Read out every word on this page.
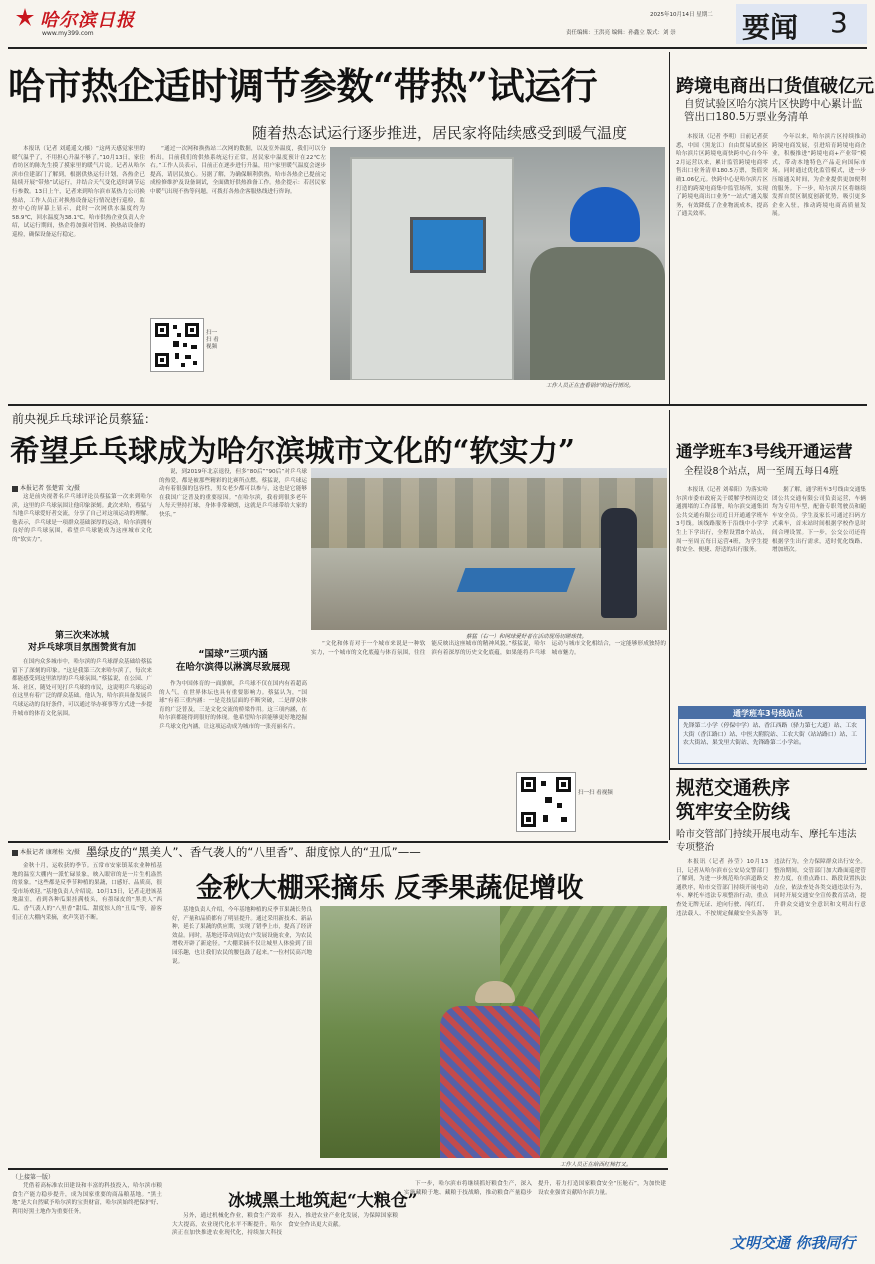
哈尔滨日报
www.my399.com
2025年10月14日 星期二
责任编辑：王洪亮 编辑：孙鑫立 版式：刘 崇 要闻 3
哈市热企适时调节参数“带热”试运行
随着热态试运行逐步推进，居民家将陆续感受到暖气温度

本报讯（记者 刘遥遥文/摄）“这两天感觉家里的暖气温乎了，不用担心升温不够了。”10月13日，家住香坊区的陈先生摸了摸家里的暖气片说。记者从哈尔滨市住建部门了解到，根据供热运行计划，各热企已陆续开展“带热”试运行，并结合天气变化适时调节运行参数。13日上午，记者来到哈尔滨市某热力公司换热站，工作人员正对换热设备运行情况进行巡检，监控中心的屏幕上显示，此时一次网供水温度约为58.9℃，回水温度为38.1℃。哈市供热企业负责人介绍，试运行期间，热企将加强对管网、换热站设备的巡检，确保设备运行稳定。

“通过一次网和换热站二次网的数据，以及室外温度，我们可以分析出，目前我们的供热系统运行正常，居民家中温度预计在22℃左右。”工作人员表示，目前正在逐步进行升温，用户家里暖气温度会逐步提高，请居民放心。另据了解，为确保顺利供热，哈市各热企已提前完成检修维护及设备调试，全面做好供热准备工作。热企提示：若居民家中暖气出现不热等问题，可拨打各热企客服热线进行咨询。

扫一扫 看视频
工作人员正在查看锅炉的运行情况。
跨境电商出口货值破亿元
自贸试验区哈尔滨片区快跨中心累计监管出口180.5万票业务清单

本报讯（记者 李明）日前记者获悉，中国（黑龙江）自由贸易试验区哈尔滨片区跨境电商快跨中心自今年2月运营以来，累计监管跨境电商零售出口业务清单180.5万票，货值突破1.06亿元。快跨中心是哈尔滨片区打造的跨境电商集中监管场所，实现了跨境电商出口业务“一站式”通关服务，有效降低了企业物流成本，提高了通关效率。

今年以来，哈尔滨片区持续推动跨境电商发展，引进培育跨境电商企业，积极推进“跨境电商+产业带”模式，带动本地特色产品走向国际市场。同时通过优化监管模式，进一步压缩通关时间，为企业提供更加便利的服务。下一步，哈尔滨片区将继续发挥自贸区制度创新优势，吸引更多企业入驻，推动跨境电商高质量发展。

前央视乒乓球评论员蔡猛：
希望乒乓球成为哈尔滨城市文化的“软实力”
本报记者 张楚雷 文/摄

这是前央视著名乒乓球评论员蔡猛第一次来到哈尔滨，这里的乒乓球氛围让他印象深刻。此次来哈，蔡猛与当地乒乓球爱好者交流，分享了自己对这项运动的理解。他表示，乒乓球是一项群众基础深厚的运动，哈尔滨拥有良好的乒乓球氛围，希望乒乓球能成为这座城市文化的“软实力”。

第三次来冰城
对乒乓球项目氛围赞赏有加

在国内众多城市中，哈尔滨的乒乓球群众基础给蔡猛留下了深刻的印象。“这是我第三次来哈尔滨了，每次来都能感受到这里浓厚的乒乓球氛围。”蔡猛说，在公园、广场、社区，随处可见打乒乓球的市民，这说明乒乓球运动在这里有着广泛的群众基础。他认为，哈尔滨具备发展乒乓球运动的良好条件，可以通过举办赛事等方式进一步提升城市的体育文化氛围。

说，到2019年北京退役，但多“80后”“90后”对乒乓球的热爱，都是被那些精彩的比赛所点燃。蔡猛说，乒乓球运动有着很强的包容性，男女老少都可以参与，这也是它能够在我国广泛普及的重要原因。“在哈尔滨，我看到很多老年人每天坚持打球，身体非常硬朗，这就是乒乓球带给大家的快乐。”

“国球”三项内涵
在哈尔滨得以淋漓尽致展现

作为中国体育的一面旗帜，乒乓球不仅在国内有着超高的人气，在世界体坛也具有重要影响力。蔡猛认为，“国球”有着三重内涵：一是竞技层面的不断突破，二是群众体育的广泛普及，三是文化交流的桥梁作用。这三项内涵，在哈尔滨都能得到很好的体现。他希望哈尔滨能够更好地挖掘乒乓球文化内涵，让这项运动成为城市的一张亮丽名片。

蔡猛（右一）和网球爱好者在活动现场切磋球技。

“文化和体育对于一个城市来说是一种软实力，一个城市的文化底蕴与体育氛围，往往能反映出这座城市的精神风貌。”蔡猛说，哈尔滨有着深厚的历史文化底蕴，如果能将乒乓球运动与城市文化相结合，一定能够形成独特的城市魅力。

扫一扫 看视频
通学班车3号线开通运营
全程设8个站点，周一至周五每日4班

本报讯（记者 刘希阳）为落实哈尔滨市委市政府关于缓解学校周边交通拥堵的工作部署，哈尔滨交通集团公共交通有限公司近日开通通学班车3号线。该线路服务于沿线中小学学生上下学出行，全程设置8个站点，周一至周五每日运营4班，为学生提供安全、便捷、舒适的出行服务。

据了解，通学班车3号线由交通集团公共交通有限公司负责运营，车辆均为专用车型，配备专职驾驶员和随车安全员。学生及家长可通过扫码方式乘车，首末站时间根据学校作息时间合理设置。下一步，公交公司还将根据学生出行需求，适时优化线路、增加班次。

通学班车3号线站点
先锋第二小学（停保中学）站、香江西路（驿力第七大道）站、工农大街（香江路口）站、中医大附院站、工农大街（站站路口）站、工农大街站、果戈里大街站、先锋路第二小学站。
规范交通秩序
筑牢安全防线
哈市交管部门持续开展电动车、摩托车违法专项整治

本报讯（记者 孙莹）10月13日，记者从哈尔滨市公安局交警部门了解到，为进一步规范哈尔滨道路交通秩序，哈市交管部门持续开展电动车、摩托车违法专项整治行动，重点查处无牌无证、逆向行驶、闯红灯、违法载人、不按规定佩戴安全头盔等违法行为，全力保障群众出行安全。整治期间，交管部门加大路面巡逻管控力度，在重点路口、路段设置执法点位，依法查处各类交通违法行为，同时开展交通安全宣传教育活动，提升群众交通安全意识和文明出行意识。

文明交通 你我同行
本报记者 康瑾桂 文/摄 墨绿皮的“黑美人”、香气袭人的“八里香”、甜度惊人的“丑瓜”——
金秋大棚采摘乐 反季果蔬促增收

金秋十月，运收获的季节。五常市安家镇某农业种植基地的温室大棚内一派忙碌景象，映入眼帘的是一片生机盎然的景象。“这些都是反季节种植的果蔬，口感好、品质高，很受市场欢迎。”基地负责人介绍说。10月13日，记者走进该基地温室，看到各种瓜果挂满枝头，有墨绿皮的“黑美人”西瓜、香气袭人的“八里香”甜瓜、甜度惊人的“丑瓜”等，游客们正在大棚内采摘，欢声笑语不断。

基地负责人介绍，今年基地种植的反季节果蔬长势良好，产量和品质都有了明显提升。通过采用新技术、新品种，延长了果蔬的供应期，实现了错季上市，提高了经济效益。同时，基地还带动周边农户发展设施农业，为农民增收开辟了新途径。“大棚采摘不仅让城里人体验到了田园乐趣，也让我们农民的腰包鼓了起来。”一位村民高兴地说。

工作人员正在给西红柿打叉。
（上接第一版）

凭借着高标准农田建设和丰富的科技投入，哈尔滨市粮食生产能力稳步提升，成为国家重要的商品粮基地。“黑土地”是大自然赋予哈尔滨的宝贵财富，哈尔滨始终把保护好、利用好黑土地作为重要任务。

冰城黑土地筑起“大粮仓”

另外，通过机械化作业，粮食生产效率大大提高，农业现代化水平不断提升。哈尔滨正在加快推进农业现代化，持续加大科技投入，推进农业产业化发展，为保障国家粮食安全作出更大贡献。

下一步，哈尔滨市将继续抓好粮食生产，深入实施藏粮于地、藏粮于技战略，推动粮食产量稳步提升，着力打造国家粮食安全“压舱石”，为加快建设农业强省贡献哈尔滨力量。
